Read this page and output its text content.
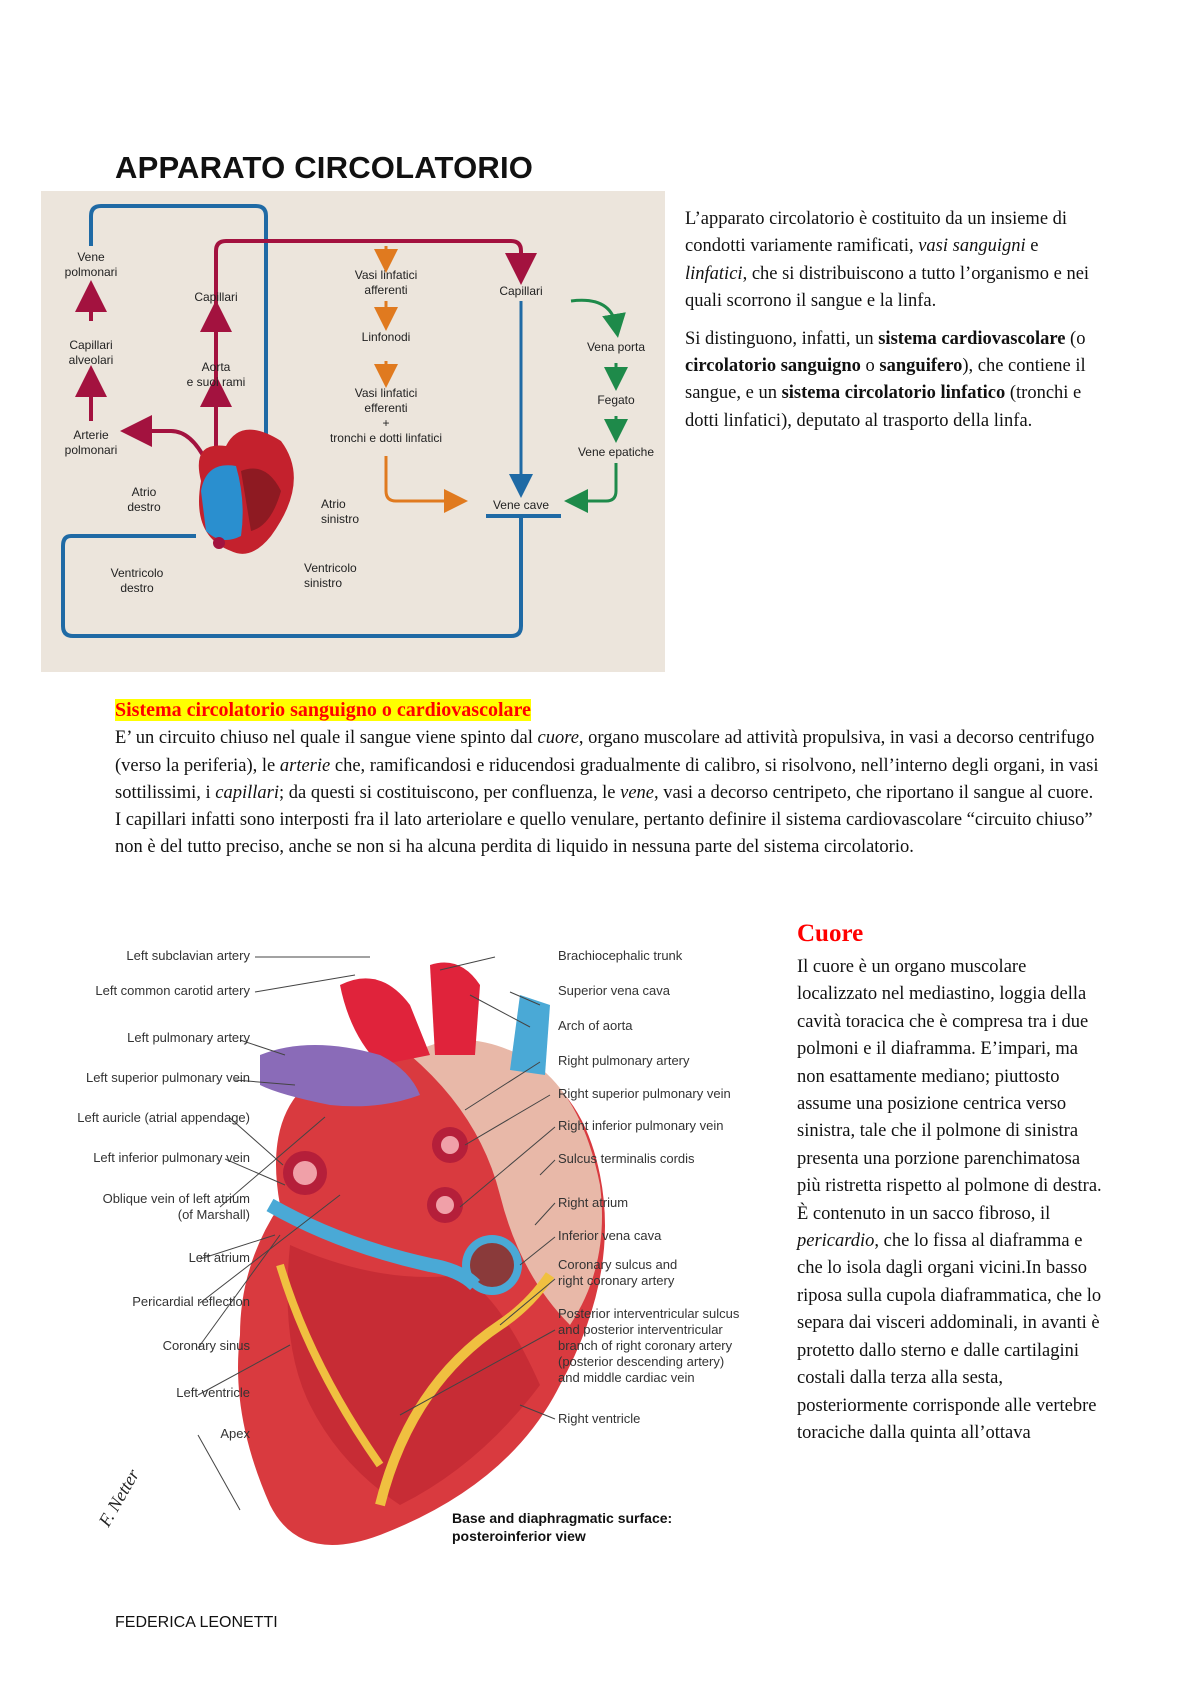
APPARATO CIRCOLATORIO
Vene
polmonari
Capillari
alveolari
Arterie
polmonari
Capillari
Aorta
e suoi rami
Atrio
destro
Ventricolo
destro
Atrio
sinistro
Ventricolo
sinistro
Vasi linfatici
afferenti
Linfonodi
Vasi linfatici
efferenti
+
tronchi e dotti linfatici
Capillari
Vena porta
Fegato
Vene epatiche
Vene cave

L’apparato circolatorio è costituito da un insieme di condotti variamente ramificati, vasi sanguigni e linfatici, che si distribuiscono a tutto l’organismo e nei quali scorrono il sangue e la linfa.

Si distinguono, infatti, un sistema cardiovascolare (o circolatorio sanguigno o sanguifero), che contiene il sangue, e un sistema circolatorio linfatico (tronchi e dotti linfatici), deputato al trasporto della linfa.

Sistema circolatorio sanguigno o cardiovascolare
E’ un circuito chiuso nel quale il sangue viene spinto dal cuore, organo muscolare ad attività propulsiva, in vasi a decorso centrifugo (verso la periferia), le arterie che, ramificandosi e riducendosi gradualmente di calibro, si risolvono, nell’interno degli organi, in vasi sottilissimi, i capillari; da questi si costituiscono, per confluenza, le vene, vasi a decorso centripeto, che riportano il sangue al cuore. I capillari infatti sono interposti fra il lato arteriolare e quello venulare, pertanto definire il sistema cardiovascolare “circuito chiuso” non è del tutto preciso, anche se non si ha alcuna perdita di liquido in nessuna parte del sistema circolatorio.
Left subclavian artery
Left common carotid artery
Left pulmonary artery
Left superior pulmonary vein
Left auricle (atrial appendage)
Left inferior pulmonary vein
Oblique vein of left atrium
(of Marshall)
Left atrium
Pericardial reflection
Coronary sinus
Left ventricle
Apex
Brachiocephalic trunk
Superior vena cava
Arch of aorta
Right pulmonary artery
Right superior pulmonary vein
Right inferior pulmonary vein
Sulcus terminalis cordis
Right atrium
Inferior vena cava
Coronary sulcus and
right coronary artery
Posterior interventricular sulcus
and posterior interventricular
branch of right coronary artery
(posterior descending artery)
and middle cardiac vein
Right ventricle
F. Netter	Base and diaphragmatic surface:
posteroinferior view
Cuore
Il cuore è un organo muscolare localizzato nel mediastino, loggia della cavità toracica che è compresa tra i due polmoni e il diaframma. E’impari, ma non esattamente mediano; piuttosto assume una posizione centrica verso sinistra, tale che il polmone di sinistra presenta una porzione parenchimatosa più ristretta rispetto al polmone di destra.
È contenuto in un sacco fibroso, il pericardio, che lo fissa al diaframma e che lo isola dagli organi vicini.In basso riposa sulla cupola diaframmatica, che lo separa dai visceri addominali, in avanti è protetto dallo sterno e dalle cartilagini costali dalla terza alla sesta, posteriormente corrisponde alle vertebre toraciche dalla quinta all’ottava
FEDERICA LEONETTI
